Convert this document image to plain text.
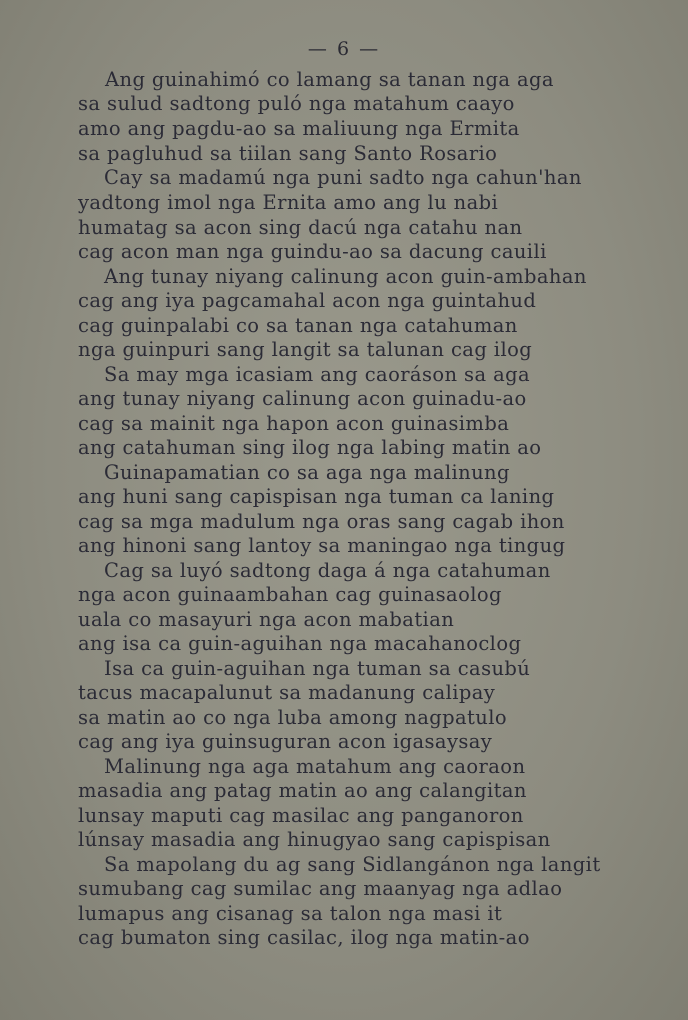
— 6 —
Ang guinahimó co lamang sa tanan nga aga
sa sulud sadtong puló nga matahum caayo
amo ang pagdu-ao sa maliuung nga Ermita
sa pagluhud sa tiilan sang Santo Rosario
Cay sa madamú nga puni sadto nga cahun'han
yadtong imol nga Ernita amo ang lu nabi
humatag sa acon sing dacú nga catahu nan
cag acon man nga guindu-ao sa dacung cauili
Ang tunay niyang calinung acon guin-ambahan
cag ang iya pagcamahal acon nga guintahud
cag guinpalabi co sa tanan nga catahuman
nga guinpuri sang langit sa talunan cag ilog
Sa may mga icasiam ang caoráson sa aga
ang tunay niyang calinung acon guinadu-ao
cag sa mainit nga hapon acon guinasimba
ang catahuman sing ilog nga labing matin ao
Guinapamatian co sa aga nga malinung
ang huni sang capispisan nga tuman ca laning
cag sa mga madulum nga oras sang cagab ihon
ang hinoni sang lantoy sa maningao nga tingug
Cag sa luyó sadtong daga á nga catahuman
nga acon guinaambahan cag guinasaolog
uala co masayuri nga acon mabatian
ang isa ca guin-aguihan nga macahanoclog
Isa ca guin-aguihan nga tuman sa casubú
tacus macapalunut sa madanung calipay
sa matin ao co nga luba among nagpatulo
cag ang iya guinsuguran acon igasaysay
Malinung nga aga matahum ang caoraon
masadia ang patag matin ao ang calangitan
lunsay maputi cag masilac ang panganoron
lúnsay masadia ang hinugyao sang capispisan
Sa mapolang du ag sang Sidlangánon nga langit
sumubang cag sumilac ang maanyag nga adlao
lumapus ang cisanag sa talon nga masi it
cag bumaton sing casilac, ilog nga matin-ao
